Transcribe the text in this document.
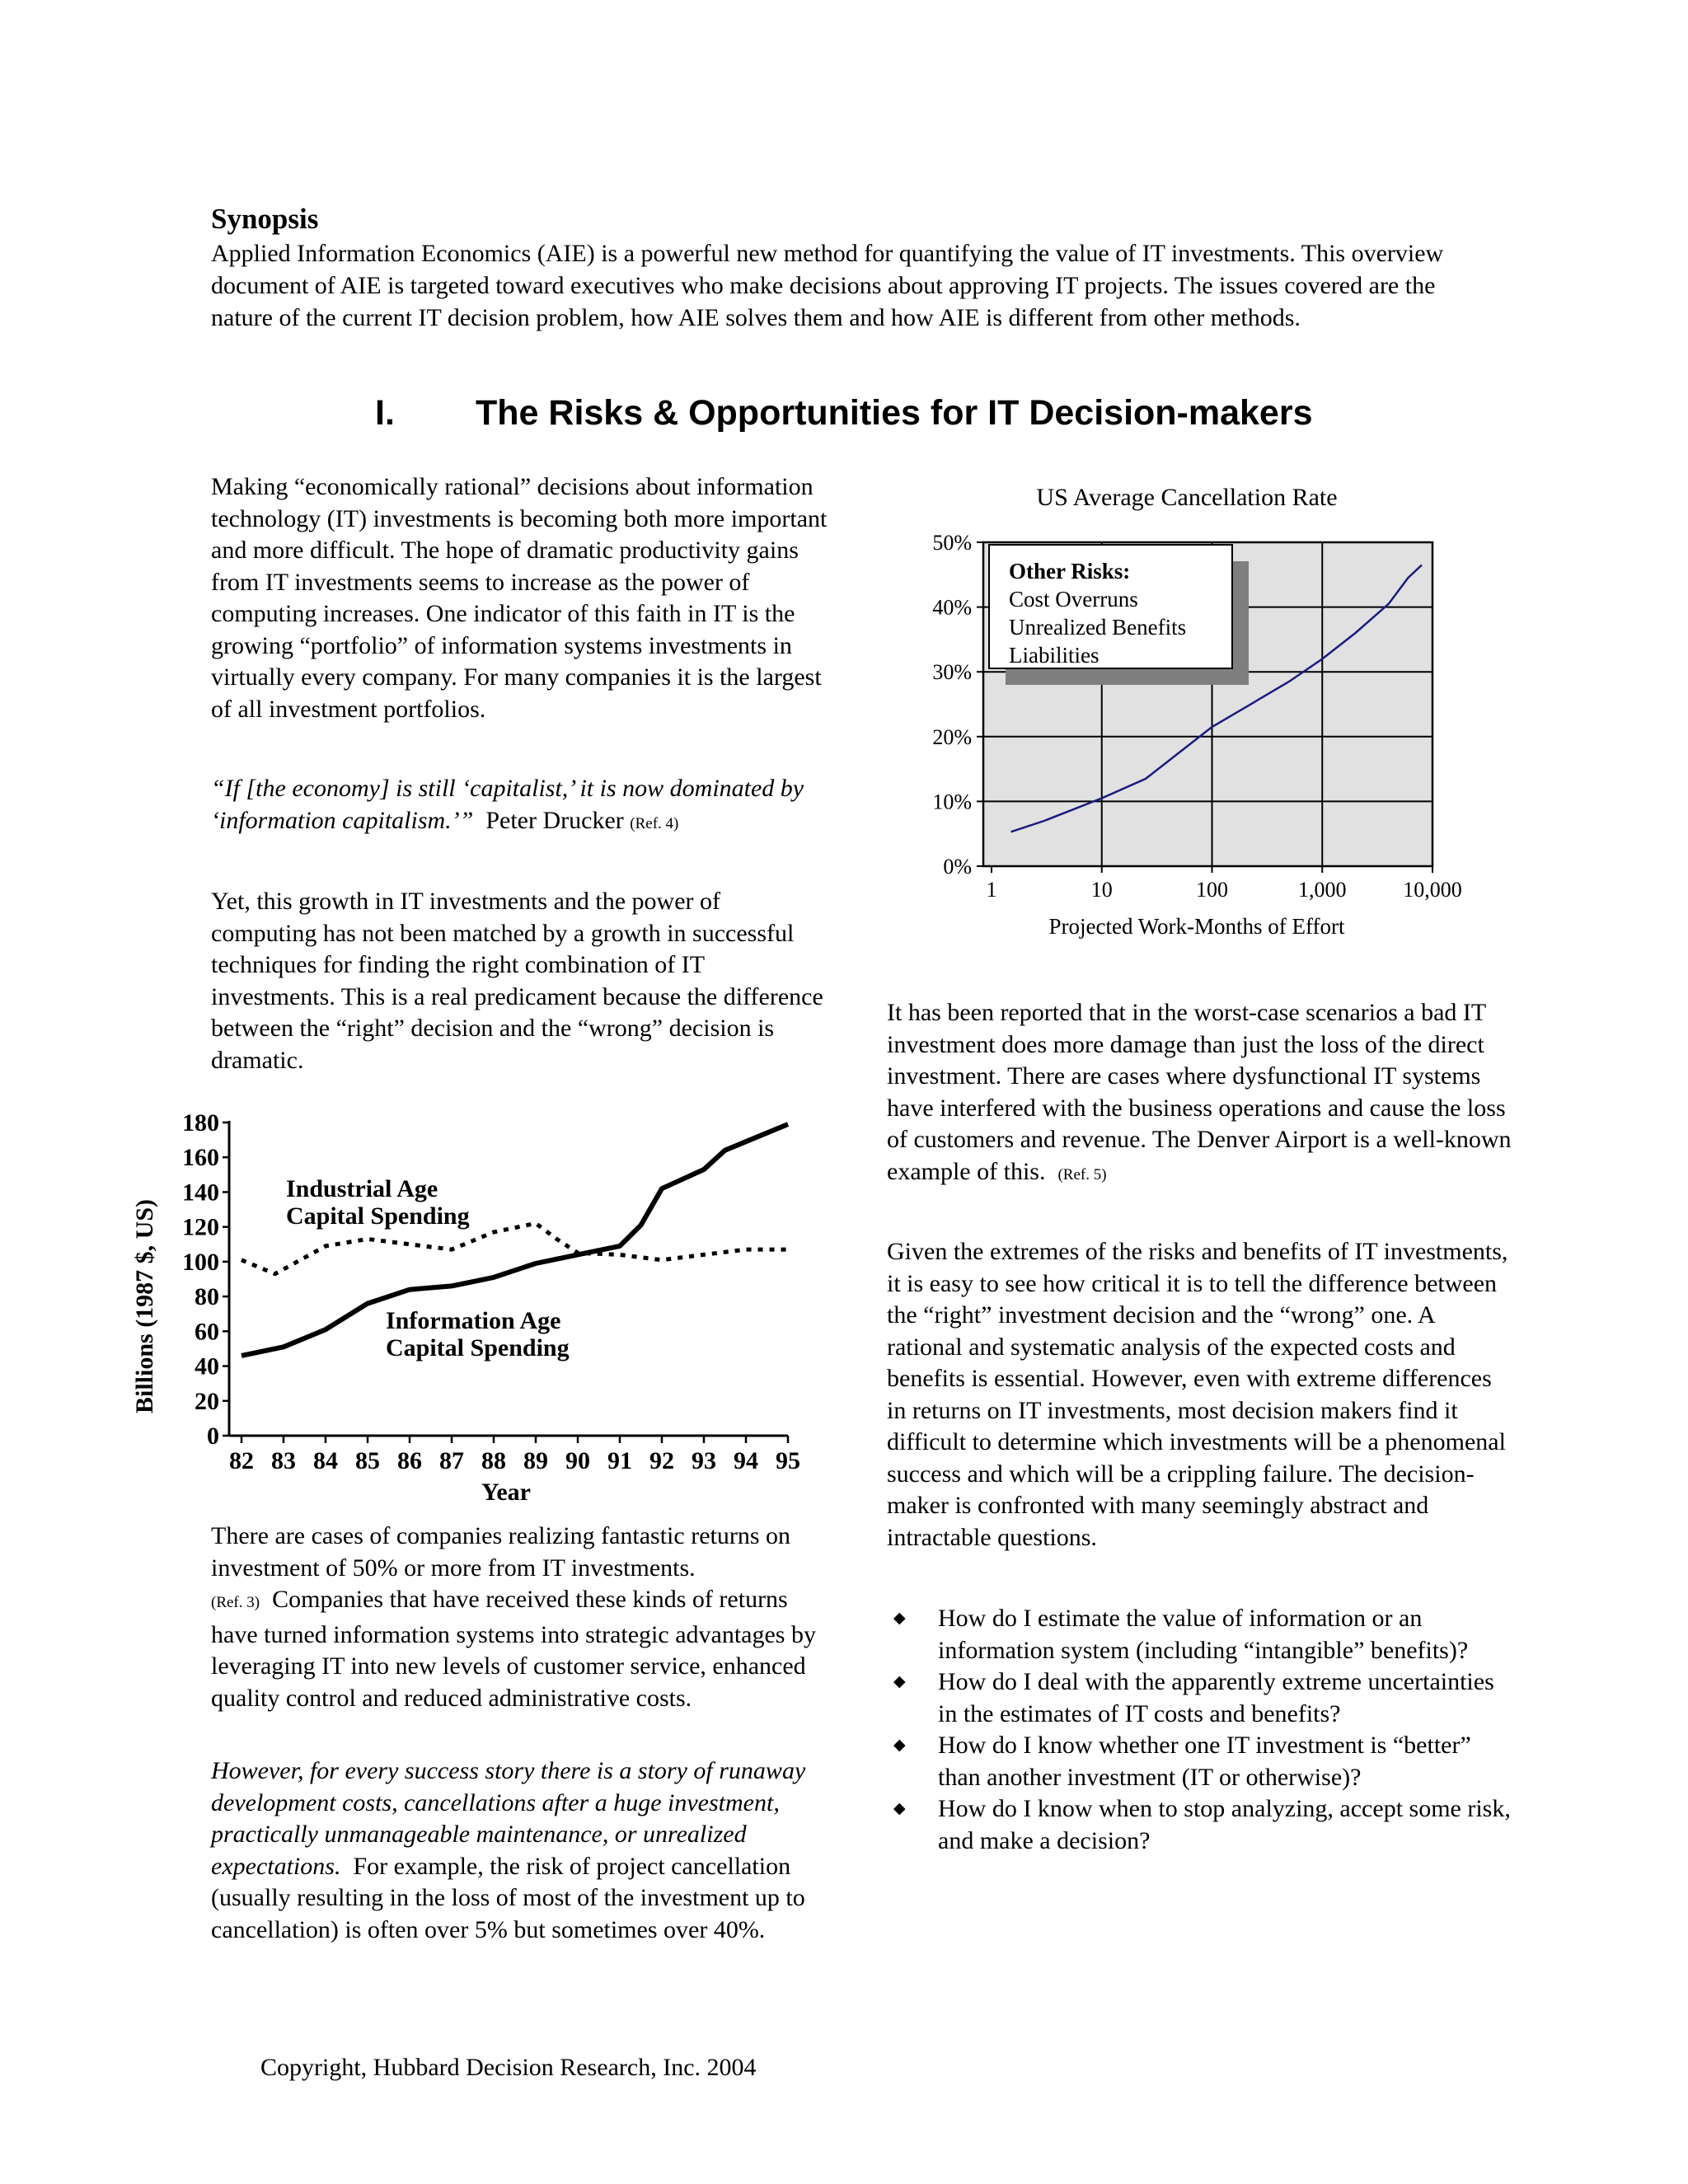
Synopsis
Applied Information Economics (AIE) is a powerful new method for quantifying the value of IT investments. This overview document of AIE is targeted toward executives who make decisions about approving IT projects. The issues covered are the nature of the current IT decision problem, how AIE solves them and how AIE is different from other methods.
I. The Risks & Opportunities for IT Decision-makers

Making “economically rational” decisions about information technology (IT) investments is becoming both more important and more difficult. The hope of dramatic productivity gains from IT investments seems to increase as the power of computing increases. One indicator of this faith in IT is the growing “portfolio” of information systems investments in virtually every company. For many companies it is the largest of all investment portfolios.

“If [the economy] is still ‘capitalist,’ it is now dominated by ‘information capitalism.’” Peter Drucker (Ref. 4)

Yet, this growth in IT investments and the power of computing has not been matched by a growth in successful techniques for finding the right combination of IT investments. This is a real predicament because the difference between the “right” decision and the “wrong” decision is dramatic.

0
20
40
60
80
100
120
140
160
180
82 83 84 85 86 87 88 89 90 91 92 93 94 95
Billions (1987 $, US)
Year
Industrial Age
Capital Spending
Information Age
Capital Spending

There are cases of companies realizing fantastic returns on investment of 50% or more from IT investments.
(Ref. 3) Companies that have received these kinds of returns have turned information systems into strategic advantages by leveraging IT into new levels of customer service, enhanced quality control and reduced administrative costs.

However, for every success story there is a story of runaway development costs, cancellations after a huge investment, practically unmanageable maintenance, or unrealized expectations. For example, the risk of project cancellation (usually resulting in the loss of most of the investment up to cancellation) is often over 5% but sometimes over 40%.

US Average Cancellation Rate
0%
10%
20%
30%
40%
50%
1	10	100	1,000	10,000
Other Risks:
Cost Overruns
Unrealized Benefits
Liabilities
Projected Work-Months of Effort

It has been reported that in the worst-case scenarios a bad IT investment does more damage than just the loss of the direct investment. There are cases where dysfunctional IT systems have interfered with the business operations and cause the loss of customers and revenue. The Denver Airport is a well-known example of this. (Ref. 5)

Given the extremes of the risks and benefits of IT investments, it is easy to see how critical it is to tell the difference between the “right” investment decision and the “wrong” one. A rational and systematic analysis of the expected costs and benefits is essential. However, even with extreme differences in returns on IT investments, most decision makers find it difficult to determine which investments will be a phenomenal success and which will be a crippling failure. The decision-maker is confronted with many seemingly abstract and intractable questions.

◆ How do I estimate the value of information or an information system (including “intangible” benefits)?
◆ How do I deal with the apparently extreme uncertainties in the estimates of IT costs and benefits?
◆ How do I know whether one IT investment is “better” than another investment (IT or otherwise)?
◆ How do I know when to stop analyzing, accept some risk, and make a decision?
Copyright, Hubbard Decision Research, Inc. 2004
